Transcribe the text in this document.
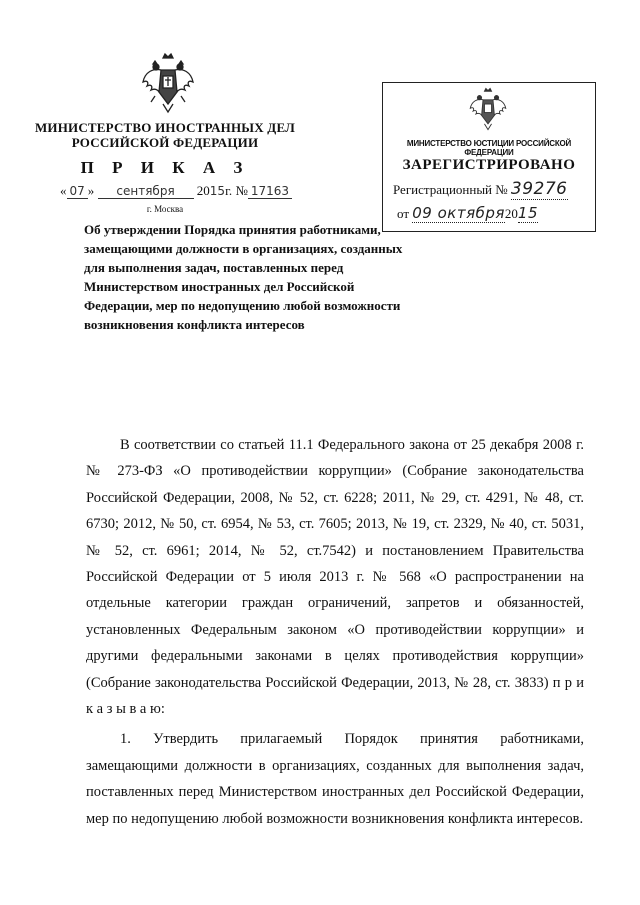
МИНИСТЕРСТВО ИНОСТРАННЫХ ДЕЛ
РОССИЙСКОЙ ФЕДЕРАЦИИ
П Р И К А З
« 07 » сентября 2015г. № 17163
г. Москва
Об утверждении Порядка принятия работниками, замещающими должности в организациях, созданных для выполнения задач, поставленных перед Министерством иностранных дел Российской Федерации, мер по недопущению любой возможности возникновения конфликта интересов
МИНИСТЕРСТВО ЮСТИЦИИ РОССИЙСКОЙ ФЕДЕРАЦИИ
ЗАРЕГИСТРИРОВАНО
Регистрационный № 39276
от 09 октября2015

В соответствии со статьей 11.1 Федерального закона от 25 декабря 2008 г. № 273-ФЗ «О противодействии коррупции» (Собрание законодательства Российской Федерации, 2008, № 52, ст. 6228; 2011, № 29, ст. 4291, № 48, ст. 6730; 2012, № 50, ст. 6954, № 53, ст. 7605; 2013, № 19, ст. 2329, № 40, ст. 5031, № 52, ст. 6961; 2014, № 52, ст.7542) и постановлением Правительства Российской Федерации от 5 июля 2013 г. № 568 «О распространении на отдельные категории граждан ограничений, запретов и обязанностей, установленных Федеральным законом «О противодействии коррупции» и другими федеральными законами в целях противодействия коррупции» (Собрание законодательства Российской Федерации, 2013, № 28, ст. 3833) п р и к а з ы в а ю:

1. Утвердить прилагаемый Порядок принятия работниками, замещающими должности в организациях, созданных для выполнения задач, поставленных перед Министерством иностранных дел Российской Федерации, мер по недопущению любой возможности возникновения конфликта интересов.
